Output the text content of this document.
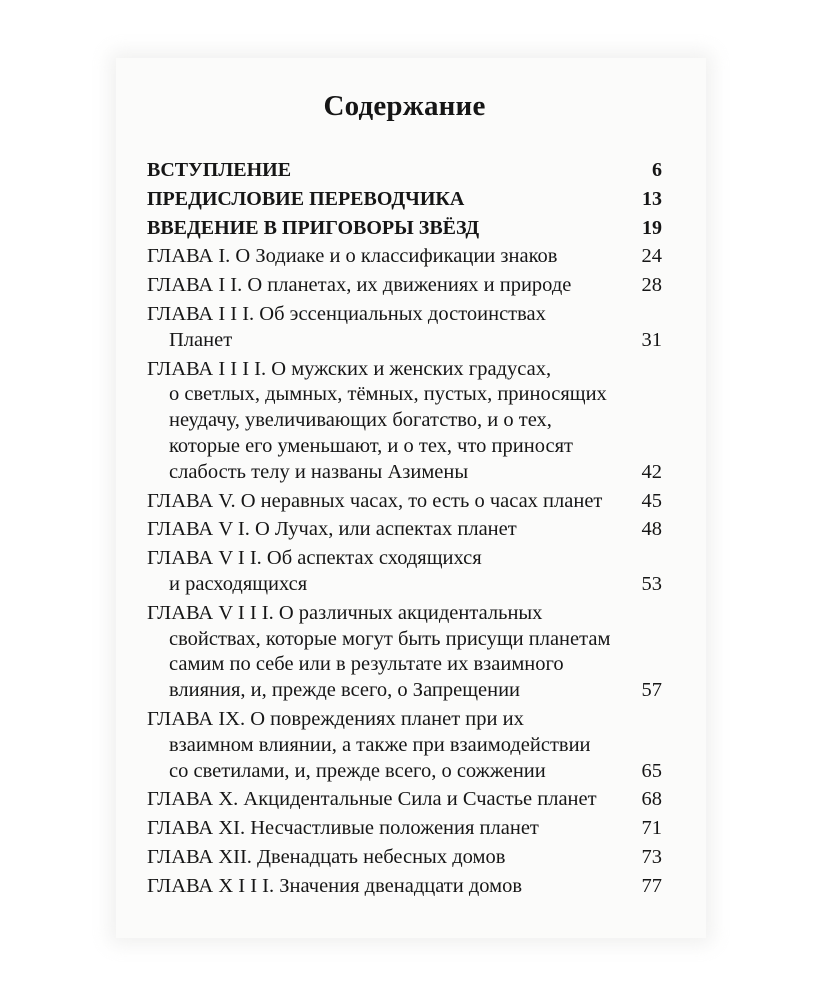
Содержание
ВСТУПЛЕНИЕ	6
ПРЕДИСЛОВИЕ ПЕРЕВОДЧИКА	13
ВВЕДЕНИЕ В ПРИГОВОРЫ ЗВЁЗД	19
ГЛАВА I. О Зодиаке и о классификации знаков	24
ГЛАВА I I. О планетах, их движениях и природе	28
ГЛАВА I I I. Об эссенциальных достоинствах
Планет	31
ГЛАВА I I I I. О мужских и женских градусах,
о светлых, дымных, тёмных, пустых, приносящих
неудачу, увеличивающих богатство, и о тех,
которые его уменьшают, и о тех, что приносят
слабость телу и названы Азимены	42
ГЛАВА V. О неравных часах, то есть о часах планет	45
ГЛАВА V I. О Лучах, или аспектах планет	48
ГЛАВА V I I. Об аспектах сходящихся
и расходящихся	53
ГЛАВА V I I I. О различных акцидентальных
свойствах, которые могут быть присущи планетам
самим по себе или в результате их взаимного
влияния, и, прежде всего, о Запрещении	57
ГЛАВА IX. О повреждениях планет при их
взаимном влиянии, а также при взаимодействии
со светилами, и, прежде всего, о сожжении	65
ГЛАВА X. Акцидентальные Сила и Счастье планет	68
ГЛАВА XI. Несчастливые положения планет	71
ГЛАВА XII. Двенадцать небесных домов	73
ГЛАВА X I I I. Значения двенадцати домов	77
